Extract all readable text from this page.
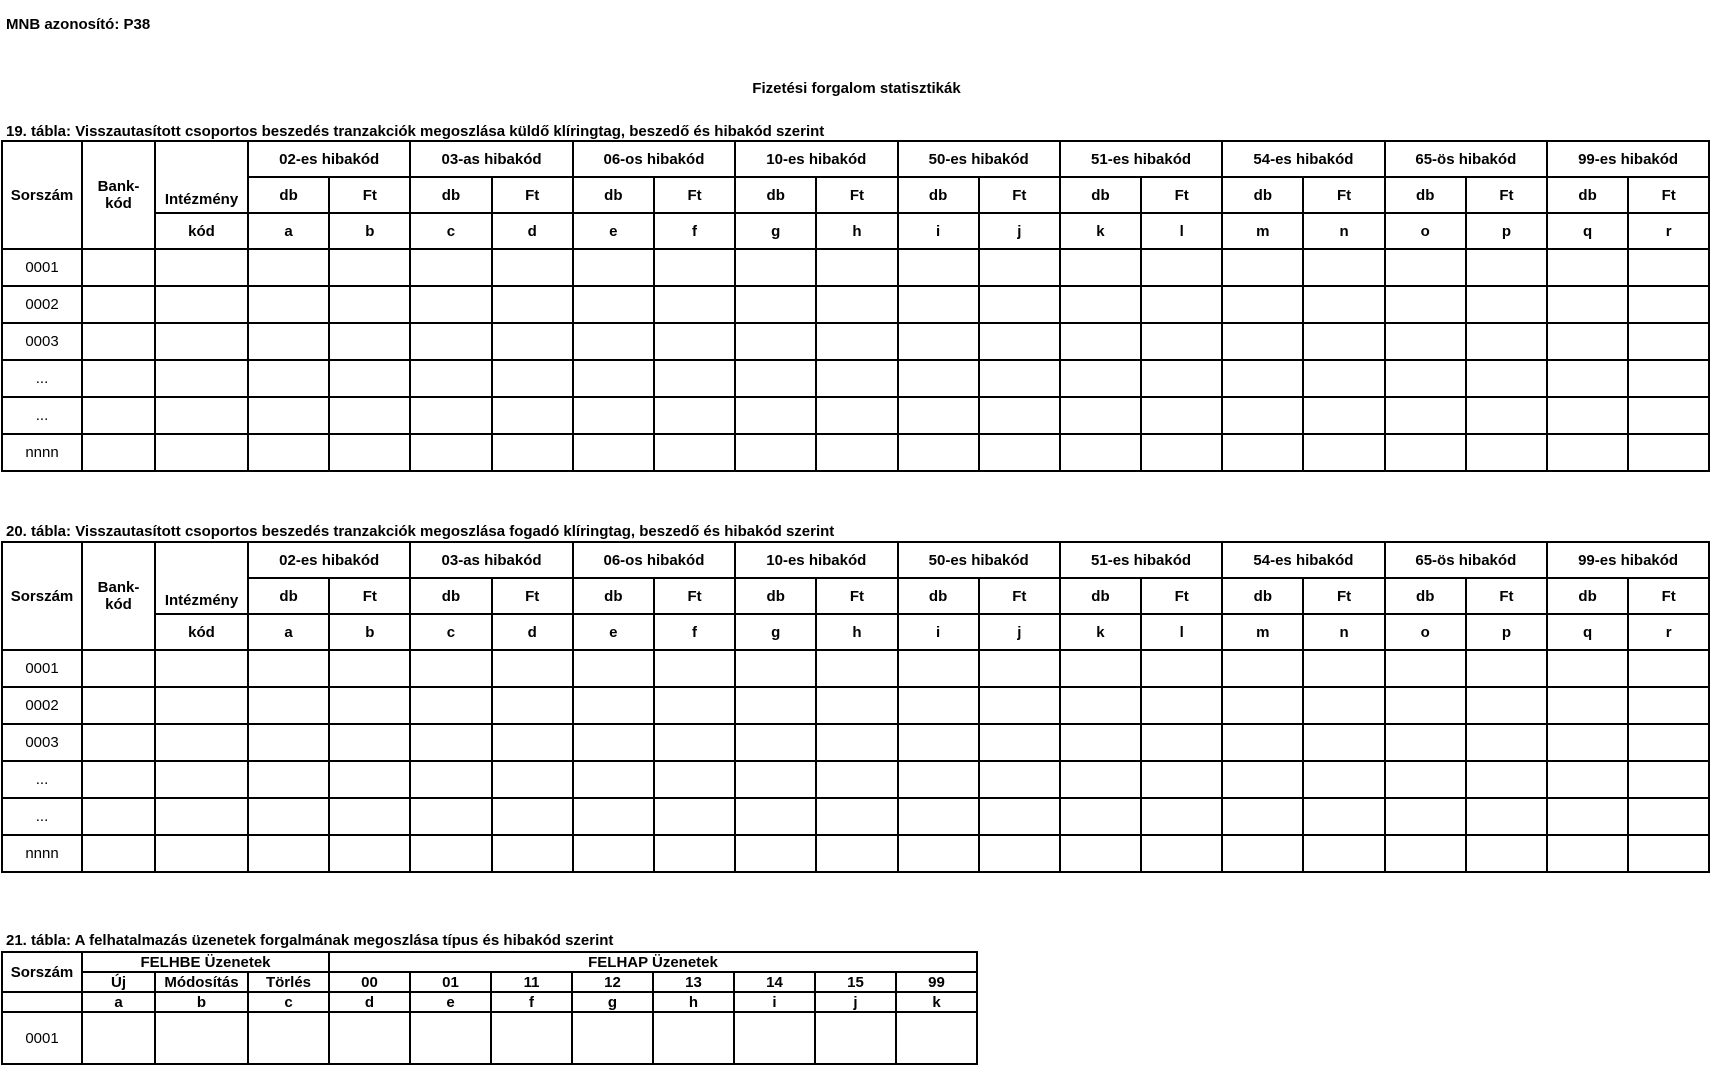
MNB azonosító: P38
Fizetési forgalom statisztikák
19. tábla: Visszautasított csoportos beszedés tranzakciók megoszlása küldő klíringtag, beszedő és hibakód szerint
Sorszám	Bank-kód	Intézmény	02-es hibakód		03-as hibakód		06-os hibakód		10-es hibakód		50-es hibakód		51-es hibakód		54-es hibakód		65-ös hibakód		99-es hibakód	
			db	Ft	db	Ft	db	Ft	db	Ft	db	Ft	db	Ft	db	Ft	db	Ft	db	Ft
		kód	a	b	c	d	e	f	g	h	i	j	k	l	m	n	o	p	q	r
0001																				
0002																				
0003																				
...																				
...																				
nnnn																				
20. tábla: Visszautasított csoportos beszedés tranzakciók megoszlása fogadó klíringtag, beszedő és hibakód szerint
Sorszám	Bank-kód	Intézmény	02-es hibakód		03-as hibakód		06-os hibakód		10-es hibakód		50-es hibakód		51-es hibakód		54-es hibakód		65-ös hibakód		99-es hibakód	
			db	Ft	db	Ft	db	Ft	db	Ft	db	Ft	db	Ft	db	Ft	db	Ft	db	Ft
		kód	a	b	c	d	e	f	g	h	i	j	k	l	m	n	o	p	q	r
0001																				
0002																				
0003																				
...																				
...																				
nnnn																				
21. tábla: A felhatalmazás üzenetek forgalmának megoszlása típus és hibakód szerint
Sorszám	FELHBE Üzenetek			FELHAP Üzenetek							
	Új	Módosítás	Törlés	00	01	11	12	13	14	15	99
	a	b	c	d	e	f	g	h	i	j	k
0001											
